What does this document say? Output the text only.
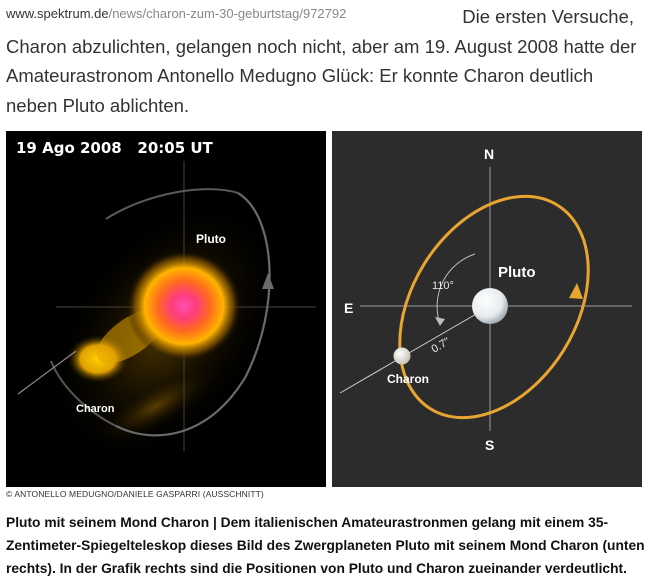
Die ersten Versuche,
Charon abzulichten, gelangen noch nicht, aber am 19. August 2008 hatte der Amateurastronom Antonello Medugno Glück: Er konnte Charon deutlich neben Pluto ablichten.
www.spektrum.de/news/charon-zum-30-geburtstag/972792
19 Ago 2008   20:05 UT
Pluto
Charon
N
S
E
110°
0.7"
Pluto
Charon
© ANTONELLO MEDUGNO/DANIELE GASPARRI (AUSSCHNITT)
Pluto mit seinem Mond Charon | Dem italienischen Amateurastronmen gelang mit einem 35-Zentimeter-Spiegelteleskop dieses Bild des Zwergplaneten Pluto mit seinem Mond Charon (unten rechts). In der Grafik rechts sind die Positionen von Pluto und Charon zueinander verdeutlicht.
